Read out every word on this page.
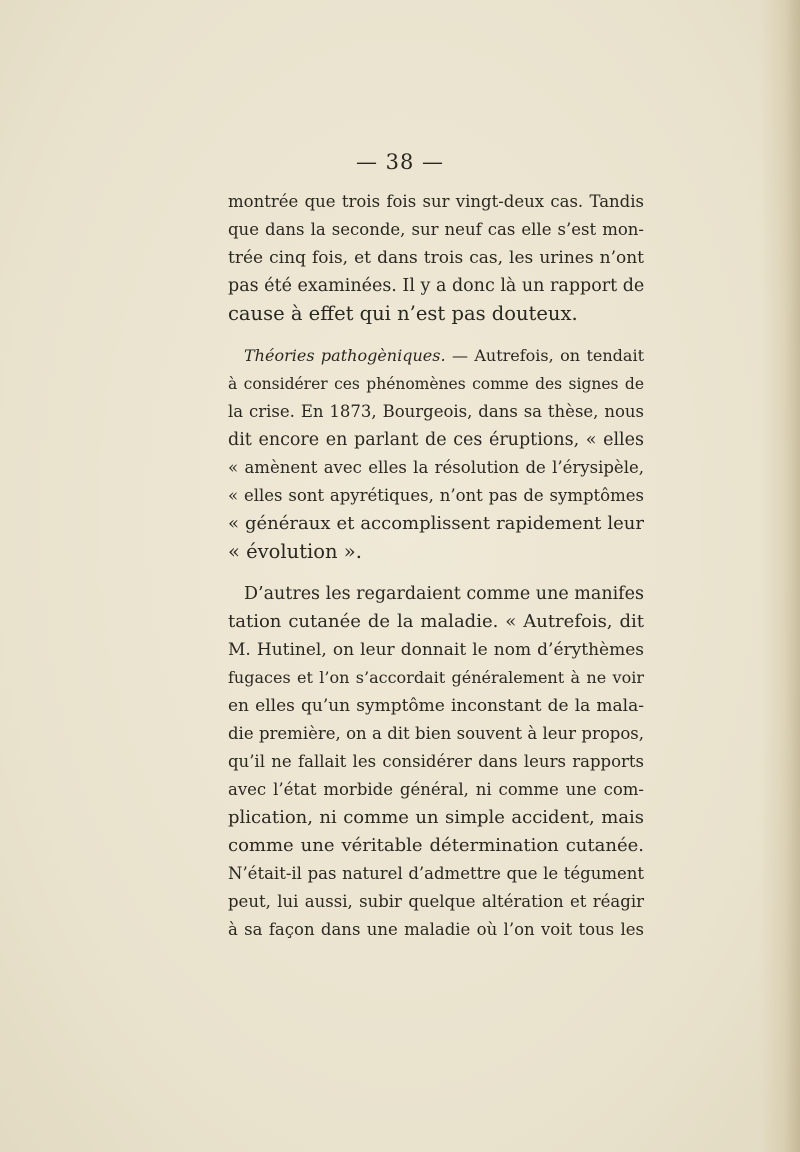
— 38 —
montrée que trois fois sur vingt-deux cas. Tandis
que dans la seconde, sur neuf cas elle s’est mon-
trée cinq fois, et dans trois cas, les urines n’ont
pas été examinées. Il y a donc là un rapport de
cause à effet qui n’est pas douteux.
Théories pathogèniques. — Autrefois, on tendait
à considérer ces phénomènes comme des signes de
la crise. En 1873, Bourgeois, dans sa thèse, nous
dit encore en parlant de ces éruptions, « elles
« amènent avec elles la résolution de l’érysipèle,
« elles sont apyrétiques, n’ont pas de symptômes
« généraux et accomplissent rapidement leur
« évolution ».
D’autres les regardaient comme une manifes
tation cutanée de la maladie. « Autrefois, dit
M. Hutinel, on leur donnait le nom d’érythèmes
fugaces et l’on s’accordait généralement à ne voir
en elles qu’un symptôme inconstant de la mala-
die première, on a dit bien souvent à leur propos,
qu’il ne fallait les considérer dans leurs rapports
avec l’état morbide général, ni comme une com-
plication, ni comme un simple accident, mais
comme une véritable détermination cutanée.
N’était-il pas naturel d’admettre que le tégument
peut, lui aussi, subir quelque altération et réagir
à sa façon dans une maladie où l’on voit tous les
